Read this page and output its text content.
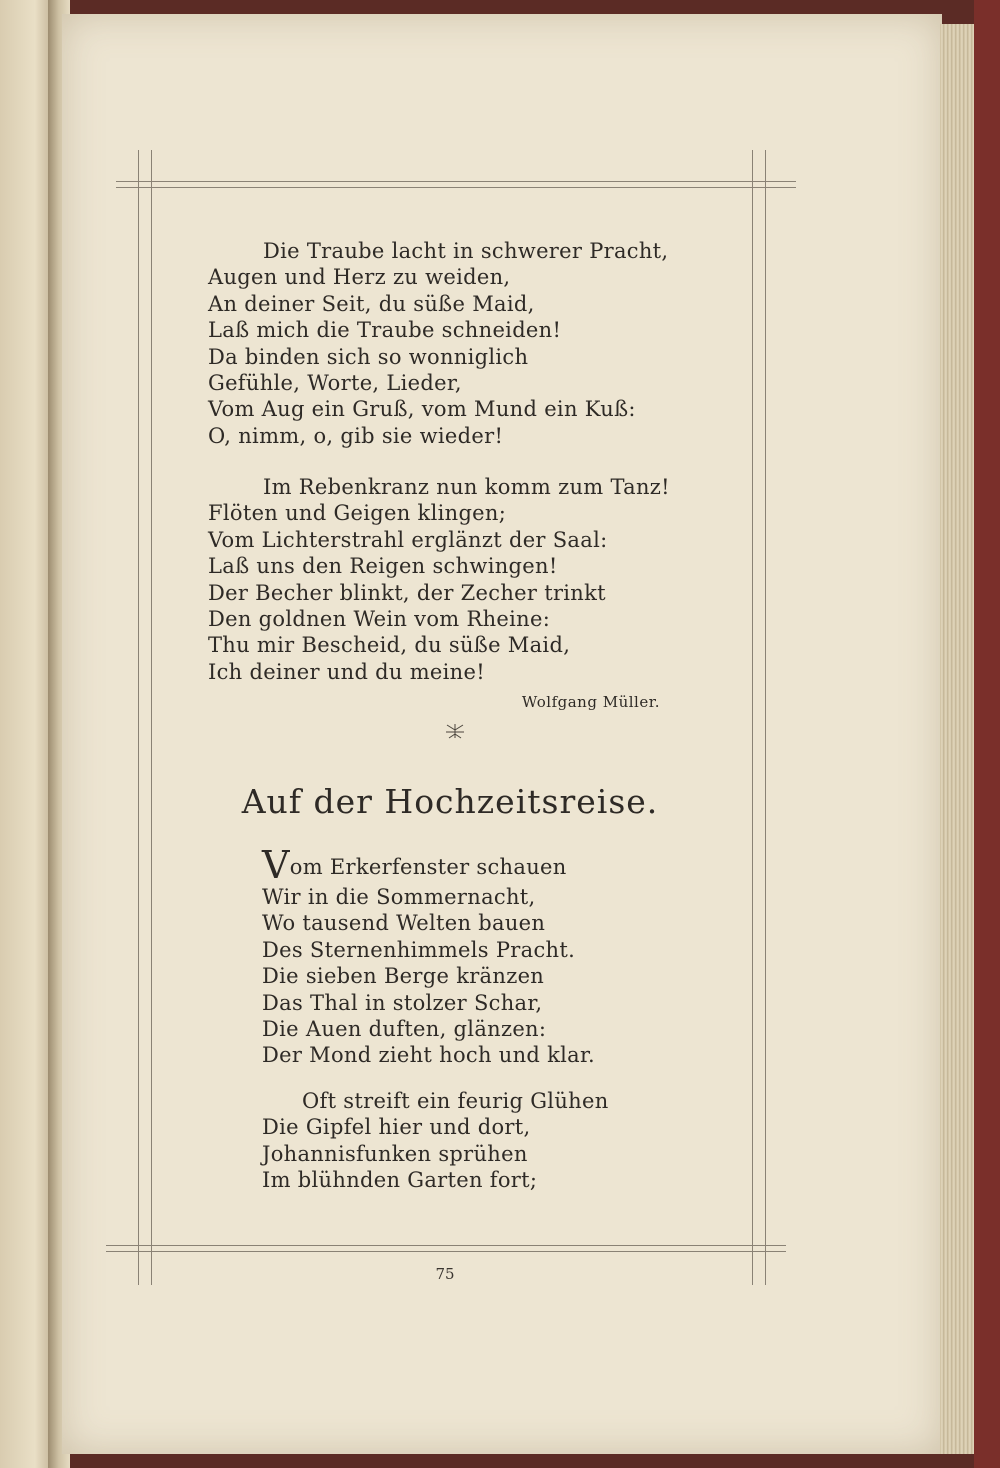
Die Traube lacht in schwerer Pracht,
Augen und Herz zu weiden,
An deiner Seit, du süße Maid,
Laß mich die Traube schneiden!
Da binden sich so wonniglich
Gefühle, Worte, Lieder,
Vom Aug ein Gruß, vom Mund ein Kuß:
O, nimm, o, gib sie wieder!
Im Rebenkranz nun komm zum Tanz!
Flöten und Geigen klingen;
Vom Lichterstrahl erglänzt der Saal:
Laß uns den Reigen schwingen!
Der Becher blinkt, der Zecher trinkt
Den goldnen Wein vom Rheine:
Thu mir Bescheid, du süße Maid,
Ich deiner und du meine!
Wolfgang Müller.
Auf der Hochzeitsreise.
Vom Erkerfenster schauen
Wir in die Sommernacht,
Wo tausend Welten bauen
Des Sternenhimmels Pracht.
Die sieben Berge kränzen
Das Thal in stolzer Schar,
Die Auen duften, glänzen:
Der Mond zieht hoch und klar.
Oft streift ein feurig Glühen
Die Gipfel hier und dort,
Johannisfunken sprühen
Im blühnden Garten fort;
75
